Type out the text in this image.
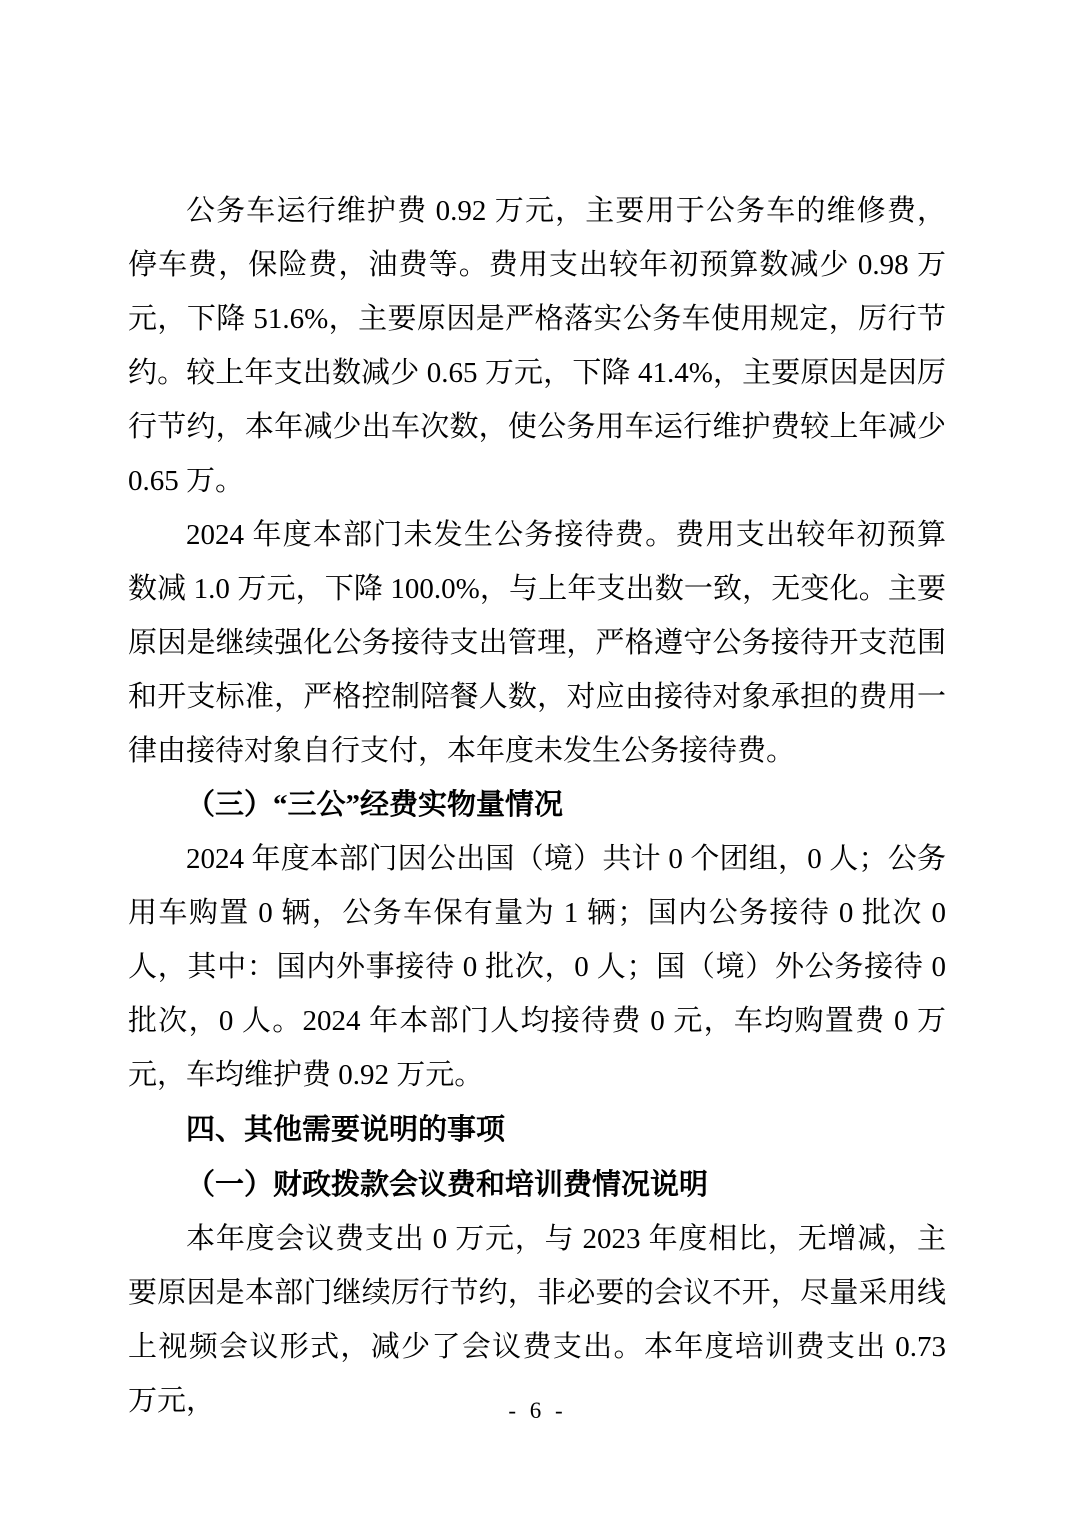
公务车运行维护费 0.92 万元，主要用于公务车的维修费，停车费，保险费，油费等。费用支出较年初预算数减少 0.98 万元，下降 51.6%，主要原因是严格落实公务车使用规定，厉行节约。较上年支出数减少 0.65 万元，下降 41.4%，主要原因是因厉行节约，本年减少出车次数，使公务用车运行维护费较上年减少 0.65 万。

2024 年度本部门未发生公务接待费。费用支出较年初预算数减 1.0 万元，下降 100.0%，与上年支出数一致，无变化。主要原因是继续强化公务接待支出管理，严格遵守公务接待开支范围和开支标准，严格控制陪餐人数，对应由接待对象承担的费用一律由接待对象自行支付，本年度未发生公务接待费。

（三）“三公”经费实物量情况

2024 年度本部门因公出国（境）共计 0 个团组，0 人；公务用车购置 0 辆，公务车保有量为 1 辆；国内公务接待 0 批次 0 人，其中：国内外事接待 0 批次，0 人；国（境）外公务接待 0 批次，0 人。2024 年本部门人均接待费 0 元，车均购置费 0 万元，车均维护费 0.92 万元。

四、其他需要说明的事项
（一）财政拨款会议费和培训费情况说明

本年度会议费支出 0 万元，与 2023 年度相比，无增减，主要原因是本部门继续厉行节约，非必要的会议不开，尽量采用线上视频会议形式，减少了会议费支出。本年度培训费支出 0.73 万元，	- 6 -
